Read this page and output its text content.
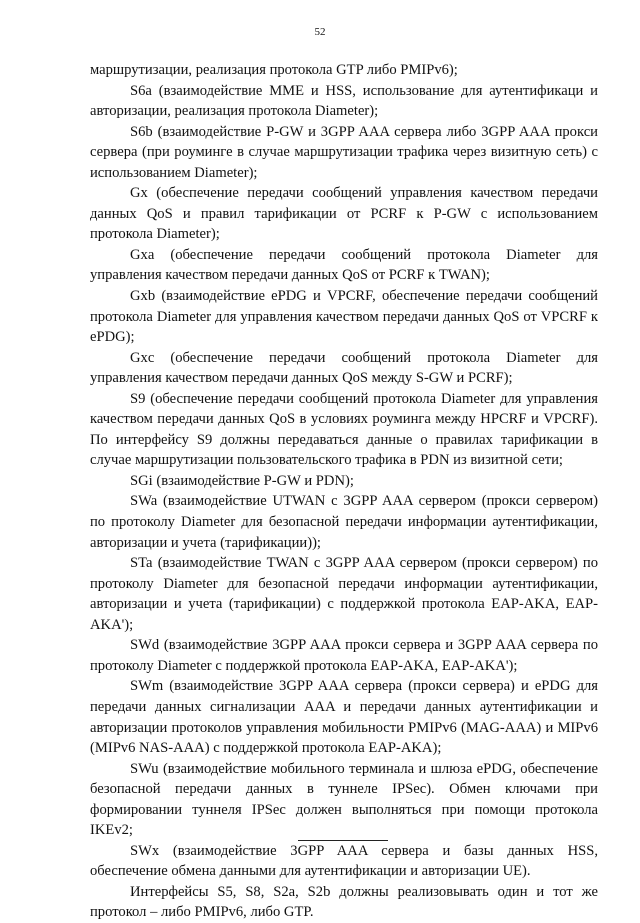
52

маршрутизации, реализация протокола GTP либо PMIPv6);

S6a (взаимодействие MME и HSS, использование для аутентификаци и авторизации, реализация протокола Diameter);

S6b (взаимодействие P-GW и 3GPP AAA сервера либо 3GPP AAA прокси сервера (при роуминге в случае маршрутизации трафика через визитную сеть) с использованием Diameter);

Gx (обеспечение передачи сообщений управления качеством передачи данных QoS и правил тарификации от PCRF к P-GW с использованием протокола Diameter);

Gxa (обеспечение передачи сообщений протокола Diameter для управления качеством передачи данных QoS от PCRF к TWAN);

Gxb (взаимодействие ePDG и VPCRF, обеспечение передачи сообщений протокола Diameter для управления качеством передачи данных QoS от VPCRF к ePDG);

Gxc (обеспечение передачи сообщений протокола Diameter для управления качеством передачи данных QoS между S-GW и PCRF);

S9 (обеспечение передачи сообщений протокола Diameter для управления качеством передачи данных QoS в условиях роуминга между HPCRF и VPCRF). По интерфейсу S9 должны передаваться данные о правилах тарификации в случае маршрутизации пользовательского трафика в PDN из визитной сети;

SGi (взаимодействие P-GW и PDN);

SWa (взаимодействие UTWAN с 3GPP AAA сервером (прокси сервером) по протоколу Diameter для безопасной передачи информации аутентификации, авторизации и учета (тарификации));

STa (взаимодействие TWAN с 3GPP AAA сервером (прокси сервером) по протоколу Diameter для безопасной передачи информации аутентификации, авторизации и учета (тарификации) с поддержкой протокола EAP-AKA, EAP-AKA');

SWd (взаимодействие 3GPP AAA прокси сервера и 3GPP AAA сервера по протоколу Diameter с поддержкой протокола EAP-AKA, EAP-AKA');

SWm (взаимодействие 3GPP AAA сервера (прокси сервера) и ePDG для передачи данных сигнализации AAA и передачи данных аутентификации и авторизации протоколов управления мобильности PMIPv6 (MAG-AAA) и MIPv6 (MIPv6 NAS-AAA) с поддержкой протокола EAP-AKA);

SWu (взаимодействие мобильного терминала и шлюза ePDG, обеспечение безопасной передачи данных в туннеле IPSec). Обмен ключами при формировании туннеля IPSec должен выполняться при помощи протокола IKEv2;

SWx (взаимодействие 3GPP AAA сервера и базы данных HSS, обеспечение обмена данными для аутентификации и авторизации UE).

Интерфейсы S5, S8, S2a, S2b должны реализовывать один и тот же протокол – либо PMIPv6, либо GTP.
